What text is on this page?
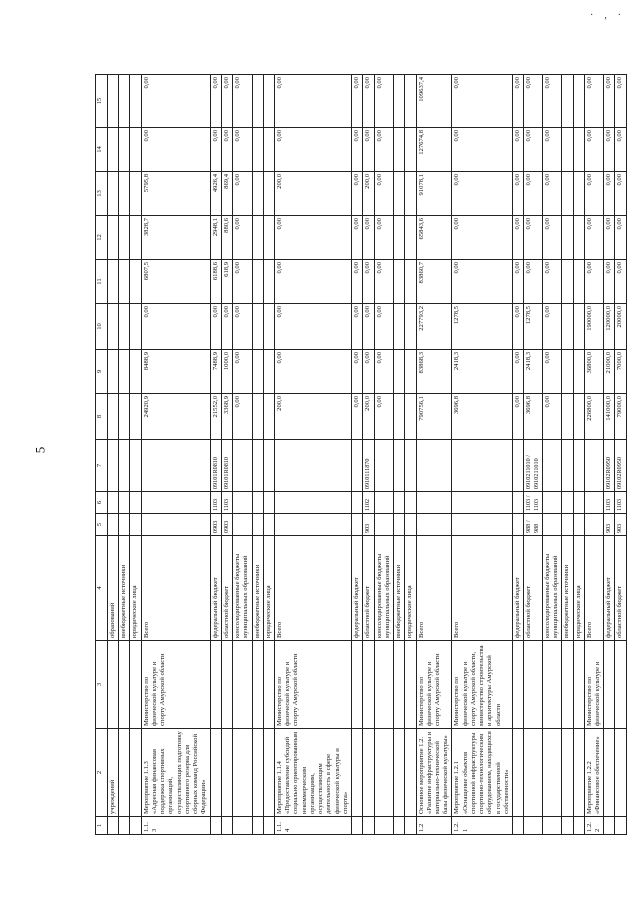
5
· ‚ ·
1	2	3	4	5	6	7	8	9	10	11	12	13	14	15
	учреждений		образований											
			внебюджетные источники											
			юридические лица											
1.1.3	Мероприятие 1.1.3 «Адресная финансовая поддержка спортивных организаций, осуществляющих подготовку спортивного резерва для сборных команд Российской Федерации»	Министерство по физической культуре и спорту Амурской области	Всего				24920,9	8488,9	0,00	6807,5	3828,7	5795,8	0,00	0,00
			федеральный бюджет	0903	1103	09101R0810	21552,0	7488,9	0,00	6188,6	2948,1	4926,4	0,00	0,00
			областной бюджет	0903	1103	09101R0810	3368,9	1000,0	0,00	618,9	880,6	869,4	0,00	0,00
			консолидированные бюджеты муниципальных образований				0,00	0,00	0,00	0,00	0,00	0,00	0,00	0,00
			внебюджетные источники											
			юридические лица											
1.1.4	Мероприятие 1.1.4 «Предоставление субсидий социально ориентированным некоммерческим организациям, осуществляющим деятельность в сфере физической культуры и спорта»	Министерство по физической культуре и спорту Амурской области	Всего				200,0	0,00	0,00	0,00	0,00	200,0	0,00	0,00
			федеральный бюджет				0,00	0,00	0,00	0,00	0,00	0,00	0,00	0,00
			областной бюджет	903	1102	0910111870	200,0	0,00	0,00	0,00	0,00	200,0	0,00	0,00
			консолидированные бюджеты муниципальных образований				0,00	0,00	0,00	0,00	0,00	0,00	0,00	0,00
			внебюджетные источники											
			юридические лица											
1.2	Основное мероприятие 1.2. «Развитие инфраструктуры и материально-технической базы физической культуры»	Министерство по физической культуре и спорту Амурской области	Всего				790756,1	83868,3	227793,2	83860,7	65843,6	91078,1	127674,8	109637,4
1.2.1	Мероприятие 1.2.1 «Оснащение объектов спортивной инфраструктуры спортивно-технологическим оборудованием, находящихся в государственной собственности»	Министерство по физической культуре и спорту Амурской области, министерство строительства и архитектуры Амурской области	Всего				3696,8	2418,3	1278,5	0,00	0,00	0,00	0,00	0,00
			федеральный бюджет				0,00	0,00	0,00	0,00	0,00	0,00	0,00	0,00
			областной бюджет	988 / 988	1103 / 1103	0910211010 / 0910211010	3696,8	2418,3	1278,5	0,00	0,00	0,00	0,00	0,00
			консолидированные бюджеты муниципальных образований				0,00	0,00	0,00	0,00	0,00	0,00	0,00	0,00
			внебюджетные источники											
			юридические лица											
1.2.2	Мероприятие 1.2.2 «Финансовое обеспечение»	Министерство по физической культуре и	Всего				226800,0	36800,0	190000,0	0,00	0,00	0,00	0,00	0,00
			федеральный бюджет	903	1103	09102R0950	141000,0	21000,0	120000,0	0,00	0,00	0,00	0,00	0,00
			областной бюджет	903	1103	09102R0950	79000,0	7000,0	20000,0	0,00	0,00	0,00	0,00	0,00
